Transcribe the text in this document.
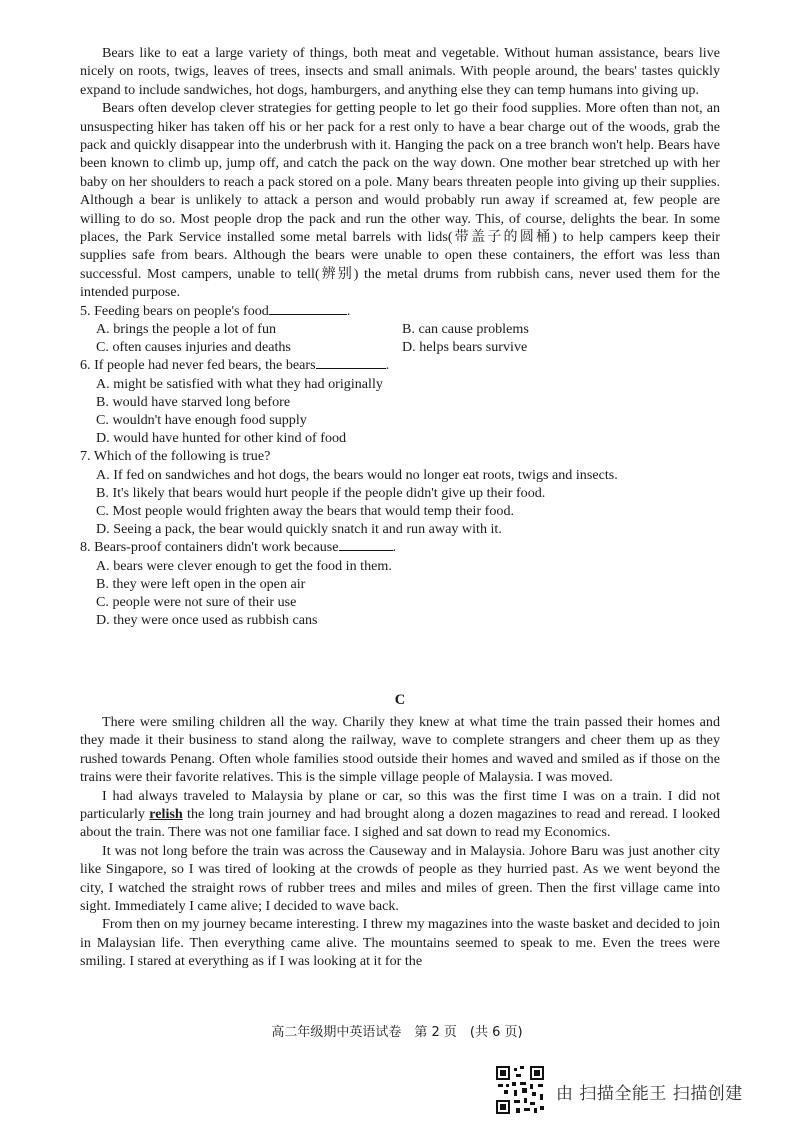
Bears like to eat a large variety of things, both meat and vegetable. Without human assistance, bears live nicely on roots, twigs, leaves of trees, insects and small animals. With people around, the bears' tastes quickly expand to include sandwiches, hot dogs, hamburgers, and anything else they can temp humans into giving up.

Bears often develop clever strategies for getting people to let go their food supplies. More often than not, an unsuspecting hiker has taken off his or her pack for a rest only to have a bear charge out of the woods, grab the pack and quickly disappear into the underbrush with it. Hanging the pack on a tree branch won't help. Bears have been known to climb up, jump off, and catch the pack on the way down. One mother bear stretched up with her baby on her shoulders to reach a pack stored on a pole. Many bears threaten people into giving up their supplies. Although a bear is unlikely to attack a person and would probably run away if screamed at, few people are willing to do so. Most people drop the pack and run the other way. This, of course, delights the bear. In some places, the Park Service installed some metal barrels with lids(带盖子的圆桶) to help campers keep their supplies safe from bears. Although the bears were unable to open these containers, the effort was less than successful. Most campers, unable to tell(辨别) the metal drums from rubbish cans, never used them for the intended purpose.

5. Feeding bears on people's food	.

A. brings the people a lot of fun	B. can cause problems
C. often causes injuries and deaths	D. helps bears survive

6. If people had never fed bears, the bears	.

A. might be satisfied with what they had originally

B. would have starved long before

C. wouldn't have enough food supply

D. would have hunted for other kind of food

7. Which of the following is true?

A. If fed on sandwiches and hot dogs, the bears would no longer eat roots, twigs and insects.

B. It's likely that bears would hurt people if the people didn't give up their food.

C. Most people would frighten away the bears that would temp their food.

D. Seeing a pack, the bear would quickly snatch it and run away with it.

8. Bears-proof containers didn't work because	.

A. bears were clever enough to get the food in them.

B. they were left open in the open air

C. people were not sure of their use

D. they were once used as rubbish cans

C

There were smiling children all the way. Charily they knew at what time the train passed their homes and they made it their business to stand along the railway, wave to complete strangers and cheer them up as they rushed towards Penang. Often whole families stood outside their homes and waved and smiled as if those on the trains were their favorite relatives. This is the simple village people of Malaysia. I was moved.

I had always traveled to Malaysia by plane or car, so this was the first time I was on a train. I did not particularly relish the long train journey and had brought along a dozen magazines to read and reread. I looked about the train. There was not one familiar face. I sighed and sat down to read my Economics.

It was not long before the train was across the Causeway and in Malaysia. Johore Baru was just another city like Singapore, so I was tired of looking at the crowds of people as they hurried past. As we went beyond the city, I watched the straight rows of rubber trees and miles and miles of green. Then the first village came into sight. Immediately I came alive; I decided to wave back.

From then on my journey became interesting. I threw my magazines into the waste basket and decided to join in Malaysian life. Then everything came alive. The mountains seemed to speak to me. Even the trees were smiling. I stared at everything as if I was looking at it for the

高二年级期中英语试卷　第 2 页　(共 6 页)
由 扫描全能王 扫描创建
